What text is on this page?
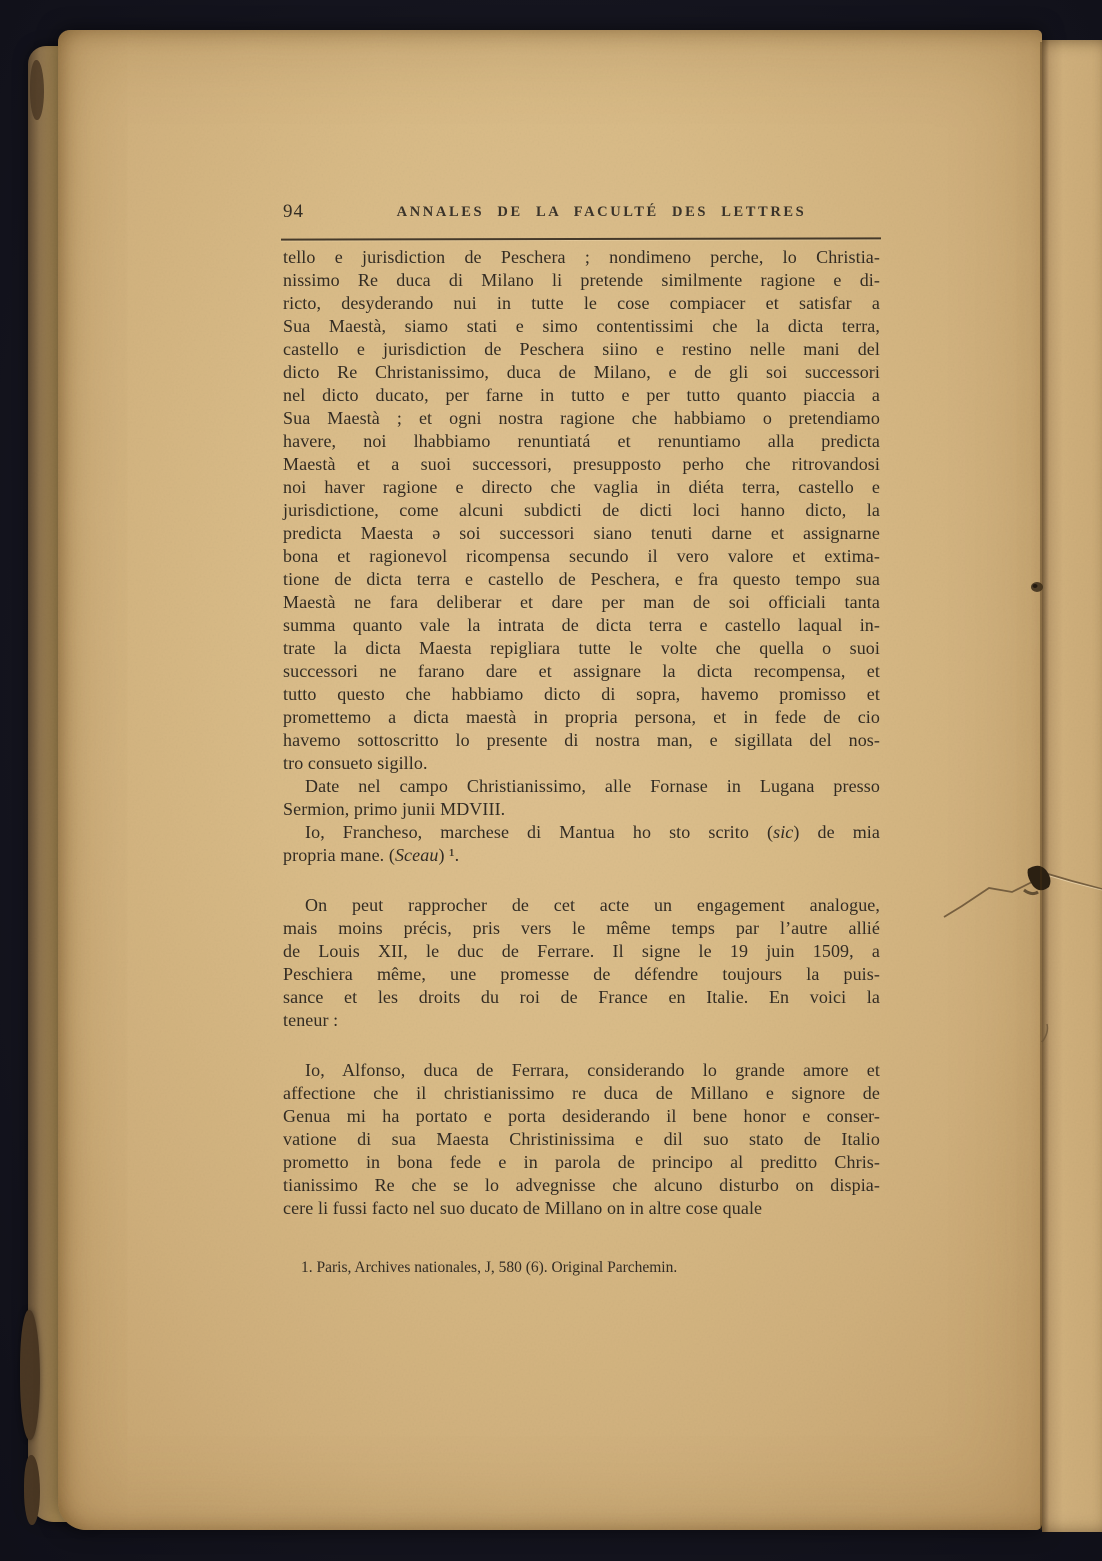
94	ANNALES DE LA FACULTÉ DES LETTRES
tello e jurisdiction de Peschera ; nondimeno perche, lo Christia-
nissimo Re duca di Milano li pretende similmente ragione e di-
ricto, desyderando nui in tutte le cose compiacer et satisfar a
Sua Maestà, siamo stati e simo contentissimi che la dicta terra,
castello e jurisdiction de Peschera siino e restino nelle mani del
dicto Re Christanissimo, duca de Milano, e de gli soi successori
nel dicto ducato, per farne in tutto e per tutto quanto piaccia a
Sua Maestà ; et ogni nostra ragione che habbiamo o pretendiamo
havere, noi lhabbiamo renuntiatá et renuntiamo alla predicta
Maestà et a suoi successori, presupposto perho che ritrovandosi
noi haver ragione e directo che vaglia in diéta terra, castello e
jurisdictione, come alcuni subdicti de dicti loci hanno dicto, la
predicta Maesta ə soi successori siano tenuti darne et assignarne
bona et ragionevol ricompensa secundo il vero valore et extima-
tione de dicta terra e castello de Peschera, e fra questo tempo sua
Maestà ne fara deliberar et dare per man de soi officiali tanta
summa quanto vale la intrata de dicta terra e castello laqual in-
trate la dicta Maesta repigliara tutte le volte che quella o suoi
successori ne farano dare et assignare la dicta recompensa, et
tutto questo che habbiamo dicto di sopra, havemo promisso et
promettemo a dicta maestà in propria persona, et in fede de cio
havemo sottoscritto lo presente di nostra man, e sigillata del nos-
tro consueto sigillo.
Date nel campo Christianissimo, alle Fornase in Lugana presso
Sermion, primo junii MDVIII.
Io, Francheso, marchese di Mantua ho sto scrito (sic) de mia
propria mane. (Sceau) ¹.
On peut rapprocher de cet acte un engagement analogue,
mais moins précis, pris vers le même temps par l’autre allié
de Louis XII, le duc de Ferrare. Il signe le 19 juin 1509, a
Peschiera même, une promesse de défendre toujours la puis-
sance et les droits du roi de France en Italie. En voici la
teneur :
Io, Alfonso, duca de Ferrara, considerando lo grande amore et
affectione che il christianissimo re duca de Millano e signore de
Genua mi ha portato e porta desiderando il bene honor e conser-
vatione di sua Maesta Christinissima e dil suo stato de Italio
prometto in bona fede e in parola de principo al preditto Chris-
tianissimo Re che se lo advegnisse che alcuno disturbo on dispia-
cere li fussi facto nel suo ducato de Millano on in altre cose quale
1. Paris, Archives nationales, J, 580 (6). Original Parchemin.
